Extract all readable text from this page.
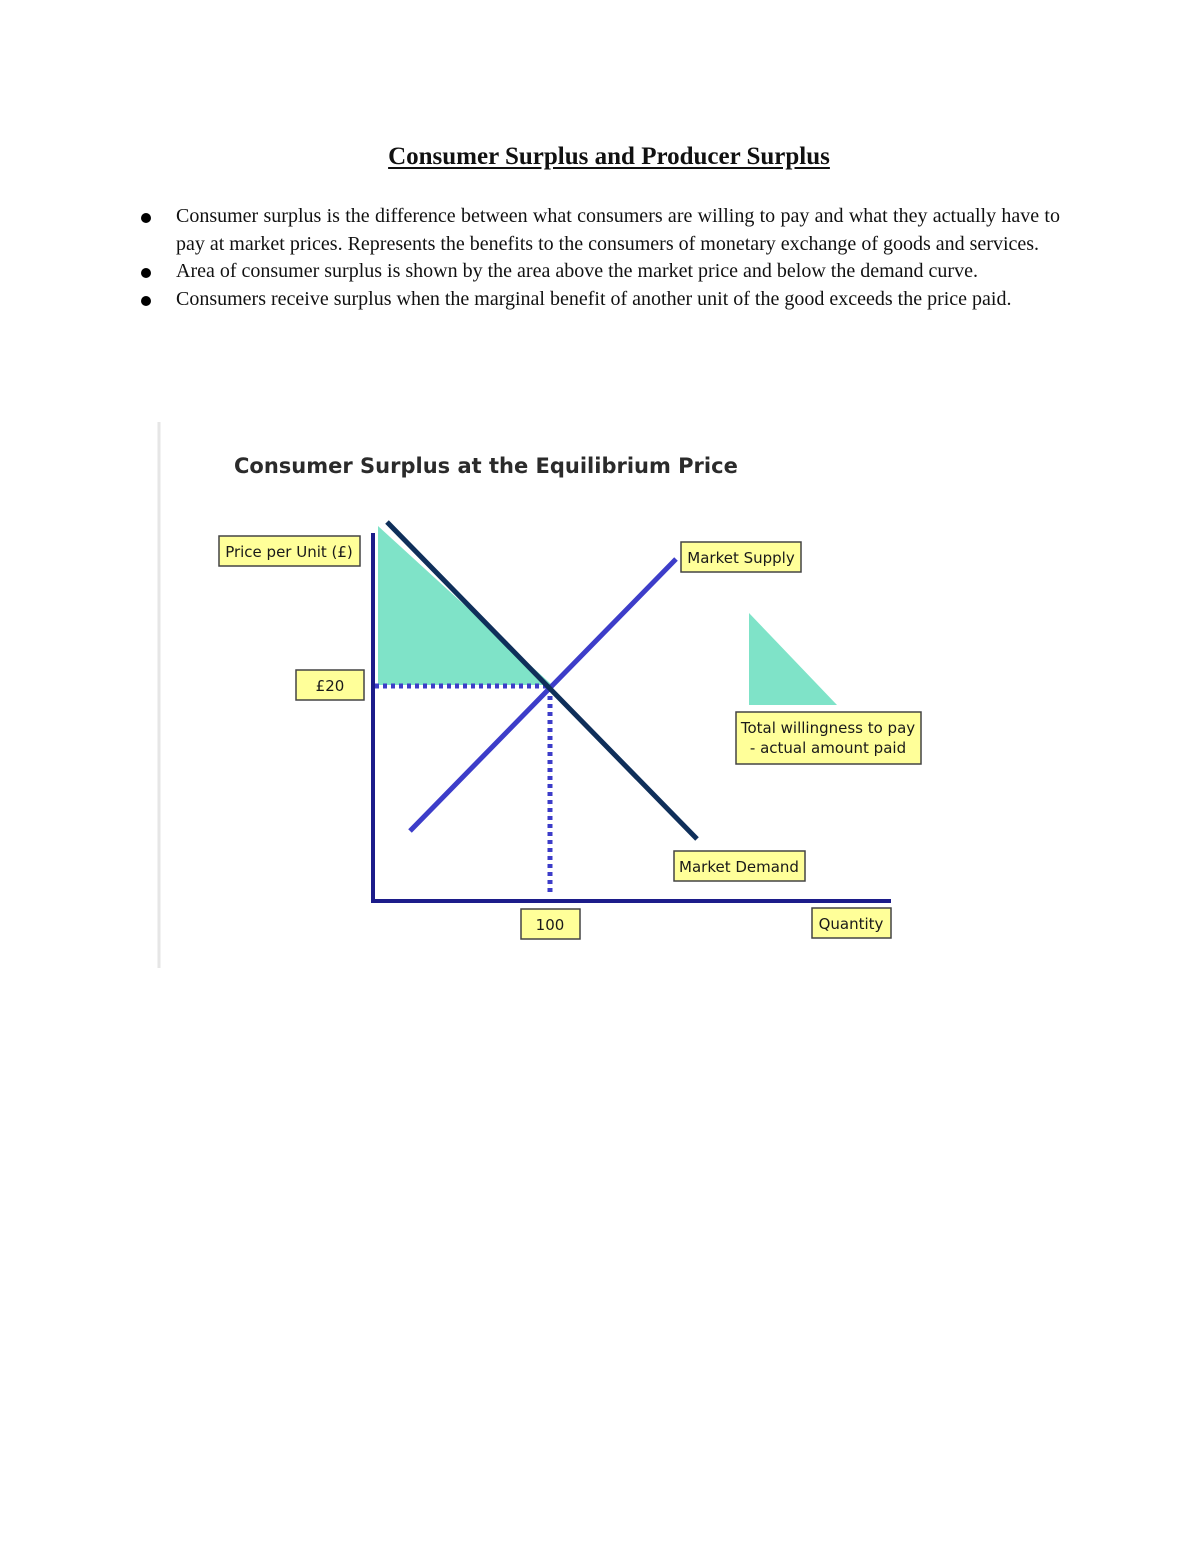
Consumer Surplus and Producer Surplus
Consumer surplus is the difference between what consumers are willing to pay and what they actually have to pay at market prices. Represents the benefits to the consumers of monetary exchange of goods and services.
Area of consumer surplus is shown by the area above the market price and below the demand curve.
Consumers receive surplus when the marginal benefit of another unit of the good exceeds the price paid.
Consumer Surplus at the Equilibrium Price
Price per Unit (£)
£20
Market Supply
Market Demand
100	Quantity
Total willingness to pay
- actual amount paid
